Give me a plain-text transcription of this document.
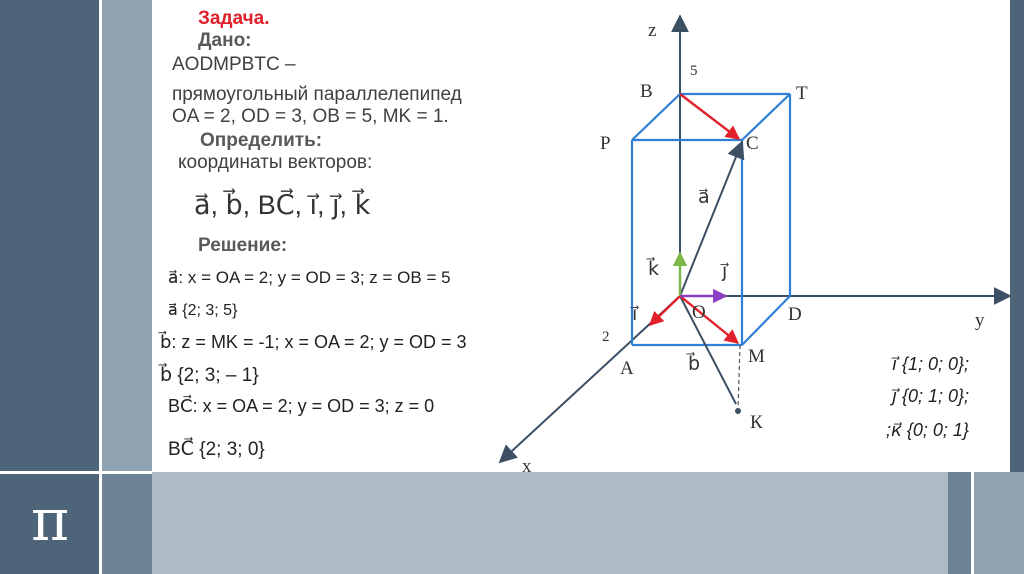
π
Задача.
Дано:
AODMPBTC –
прямоугольный параллелепипед
OA = 2, OD = 3, OB = 5, MK = 1.
Определить:
координаты векторов:
a⃗, b⃗, BC⃗, i⃗, j⃗, k⃗
Решение:
a⃗: x = OA = 2; y = OD = 3; z = OB = 5
a⃗ {2; 3; 5}
b⃗: z = MK = -1; x = OA = 2; y = OD = 3
b⃗ {2; 3; – 1}
BC⃗: x = OA = 2; y = OD = 3; z = 0
BC⃗ {2; 3; 0}
i⃗ {1; 0; 0};
j⃗ {0; 1; 0};
;к⃗ {0; 0; 1}
z
5
B	T
P	C
a⃗
k⃗	j⃗
i⃗	O	D	y
2
A
M
b⃗
К
x
